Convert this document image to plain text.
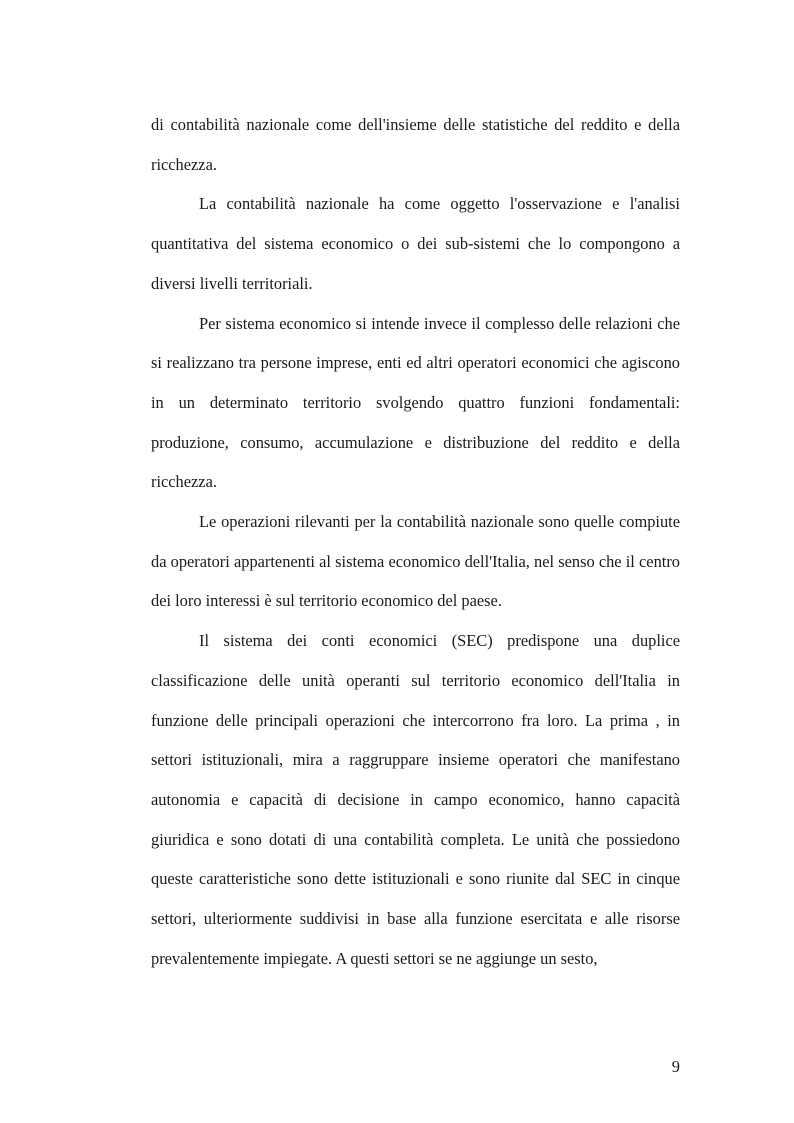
di contabilità nazionale come dell'insieme delle statistiche del reddito e della ricchezza.

La contabilità nazionale ha come oggetto l'osservazione e l'analisi quantitativa del sistema economico o dei sub-sistemi che lo compongono a diversi livelli territoriali.

Per sistema economico si intende invece il complesso delle relazioni che si realizzano tra persone imprese, enti ed altri operatori economici che agiscono in un determinato territorio svolgendo quattro funzioni fondamentali: produzione, consumo, accumulazione e distribuzione del reddito e della ricchezza.

Le operazioni rilevanti per la contabilità nazionale sono quelle compiute da operatori appartenenti al sistema economico dell'Italia, nel senso che il centro dei loro interessi è sul territorio economico del paese.

Il sistema dei conti economici (SEC) predispone una duplice classificazione delle unità operanti sul territorio economico dell'Italia in funzione delle principali operazioni che intercorrono fra loro. La prima , in settori istituzionali, mira a raggruppare insieme operatori che manifestano autonomia e capacità di decisione in campo economico, hanno capacità giuridica e sono dotati di una contabilità completa. Le unità che possiedono queste caratteristiche sono dette istituzionali e sono riunite dal SEC in cinque settori, ulteriormente suddivisi in base alla funzione esercitata e alle risorse prevalentemente impiegate. A questi settori se ne aggiunge un sesto,

9
